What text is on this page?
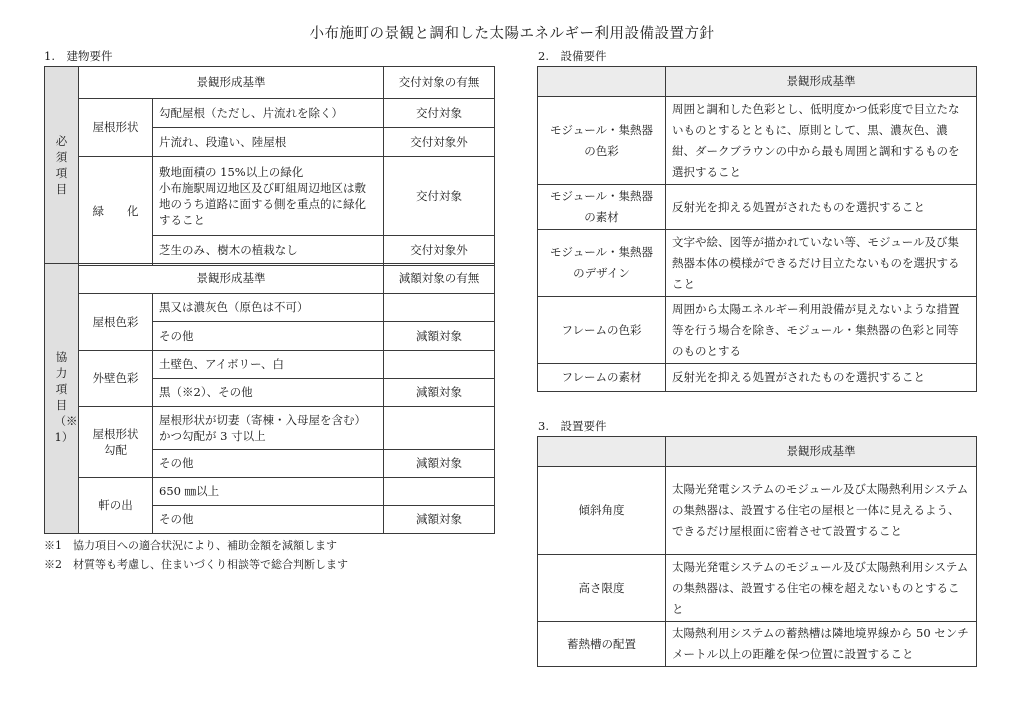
小布施町の景観と調和した太陽エネルギー利用設備設置方針
1.　建物要件
必須項目	景観形成基準		交付対象の有無
	屋根形状	勾配屋根（ただし、片流れを除く）	交付対象
		片流れ、段違い、陸屋根	交付対象外
	緑　　化	敷地面積の 15%以上の緑化
小布施駅周辺地区及び町組周辺地区は敷地のうち道路に面する側を重点的に緑化すること	交付対象
		芝生のみ、樹木の植栽なし	交付対象外
協力項目（※1）	景観形成基準		減額対象の有無
	屋根色彩	黒又は濃灰色（原色は不可）	
		その他	減額対象
	外壁色彩	土壁色、アイボリー、白	
		黒（※2）、その他	減額対象
	屋根形状
勾配	屋根形状が切妻（寄棟・入母屋を含む）かつ勾配が 3 寸以上	
		その他	減額対象
	軒の出	650 ㎜以上	
		その他	減額対象
※1　協力項目への適合状況により、補助金額を減額します
※2　材質等も考慮し、住まいづくり相談等で総合判断します
2.　設備要件
	景観形成基準
モジュール・集熱器
の色彩	周囲と調和した色彩とし、低明度かつ低彩度で目立たないものとするとともに、原則として、黒、濃灰色、濃紺、ダークブラウンの中から最も周囲と調和するものを選択すること
モジュール・集熱器
の素材	反射光を抑える処置がされたものを選択すること
モジュール・集熱器
のデザイン	文字や絵、図等が描かれていない等、モジュール及び集熱器本体の模様ができるだけ目立たないものを選択すること
フレームの色彩	周囲から太陽エネルギー利用設備が見えないような措置等を行う場合を除き、モジュール・集熱器の色彩と同等のものとする
フレームの素材	反射光を抑える処置がされたものを選択すること
3.　設置要件
	景観形成基準
傾斜角度	太陽光発電システムのモジュール及び太陽熱利用システムの集熱器は、設置する住宅の屋根と一体に見えるよう、できるだけ屋根面に密着させて設置すること
高さ限度	太陽光発電システムのモジュール及び太陽熱利用システムの集熱器は、設置する住宅の棟を超えないものとすること
蓄熱槽の配置	太陽熱利用システムの蓄熱槽は隣地境界線から 50 センチメートル以上の距離を保つ位置に設置すること
